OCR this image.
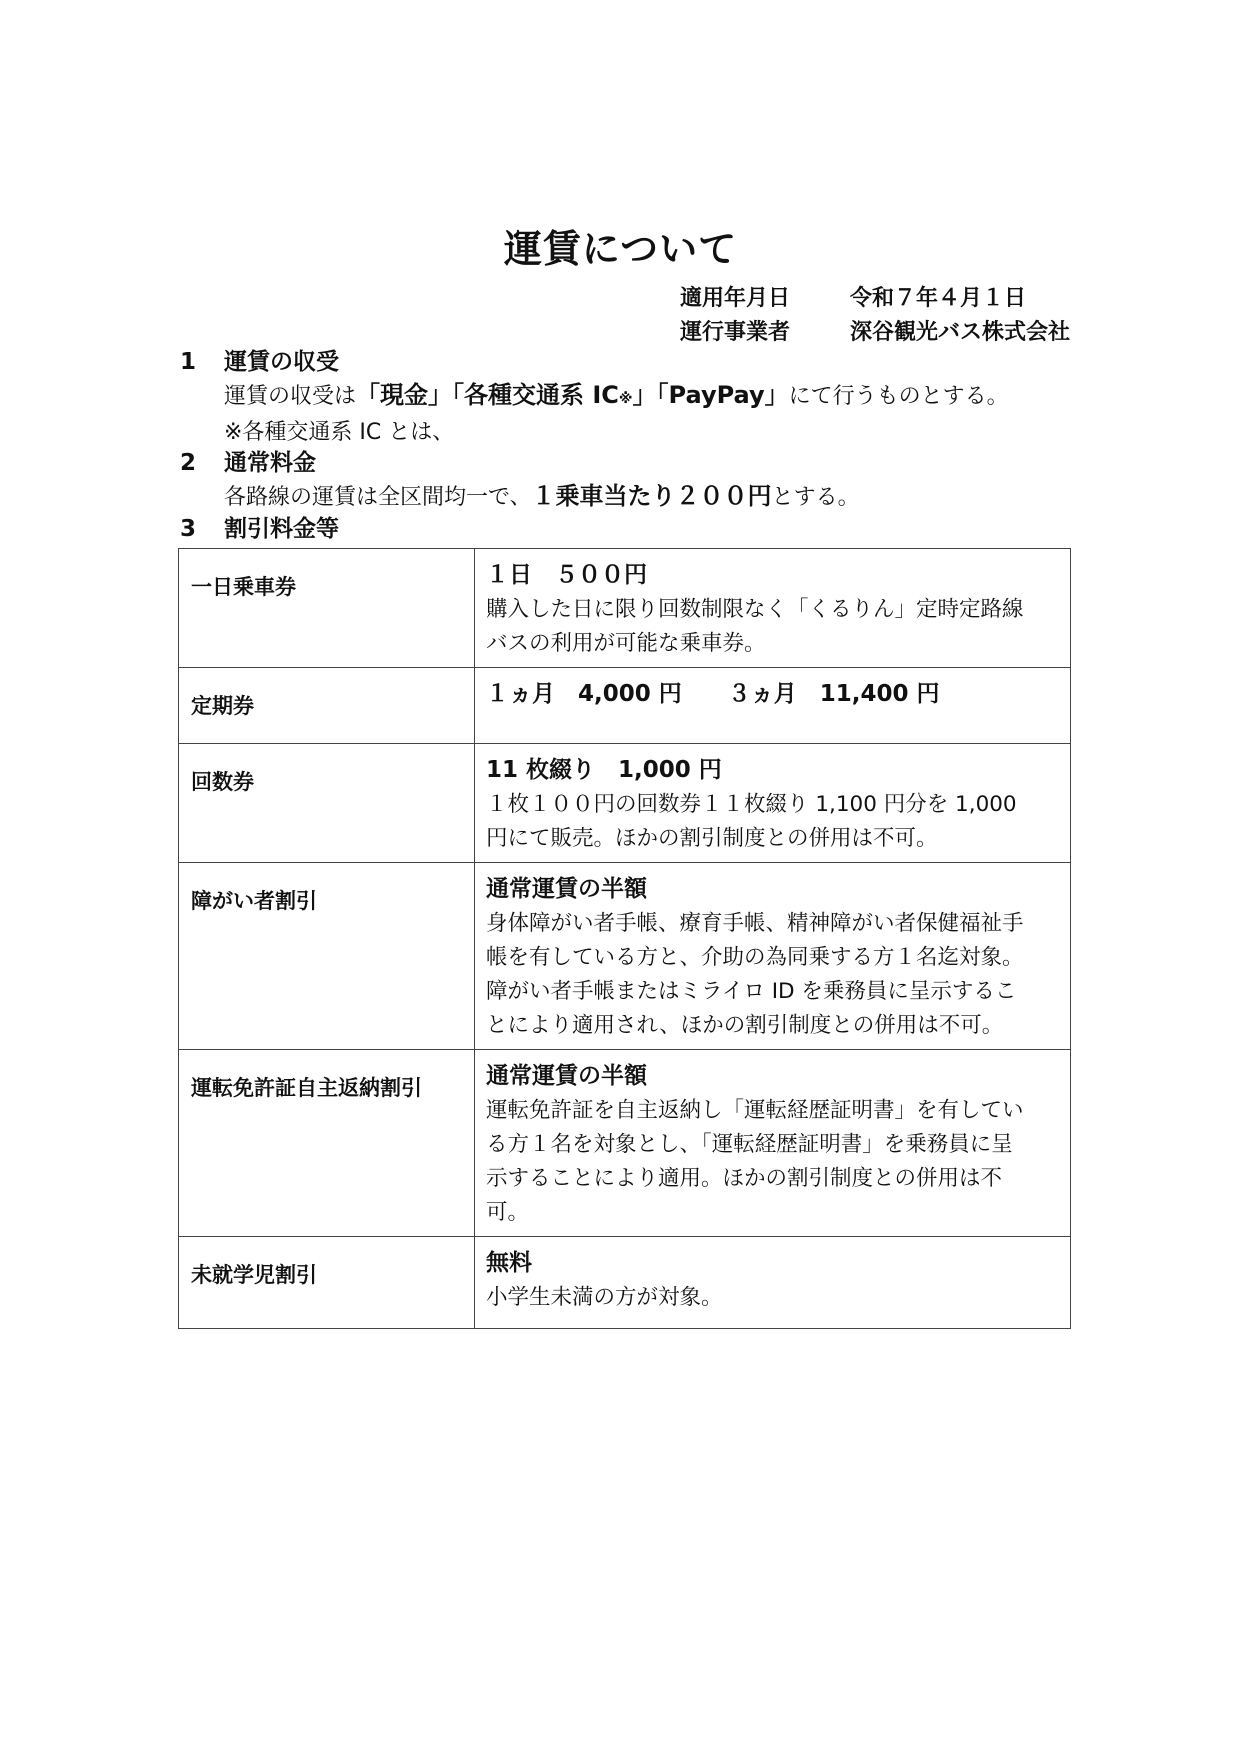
運賃について
適用年月日	令和７年４月１日
運行事業者	深谷観光バス株式会社
1	運賃の収受
運賃の収受は「現金」「各種交通系 IC※」「PayPay」にて行うものとする。
※各種交通系 IC とは、
2	通常料金
各路線の運賃は全区間均一で、１乗車当たり２００円とする。
3	割引料金等
一日乗車券	１日　５００円
購入した日に限り回数制限なく「くるりん」定時定路線
バスの利用が可能な乗車券。

定期券	１ヵ月　4,000 円　　３ヵ月　11,400 円

回数券	11 枚綴り　1,000 円
１枚１００円の回数券１１枚綴り 1,100 円分を 1,000
円にて販売。ほかの割引制度との併用は不可。

障がい者割引	通常運賃の半額
身体障がい者手帳、療育手帳、精神障がい者保健福祉手
帳を有している方と、介助の為同乗する方１名迄対象。
障がい者手帳またはミライロ ID を乗務員に呈示するこ
とにより適用され、ほかの割引制度との併用は不可。

運転免許証自主返納割引	通常運賃の半額
運転免許証を自主返納し「運転経歴証明書」を有してい
る方１名を対象とし、「運転経歴証明書」を乗務員に呈
示することにより適用。ほかの割引制度との併用は不
可。

未就学児割引	無料
小学生未満の方が対象。
